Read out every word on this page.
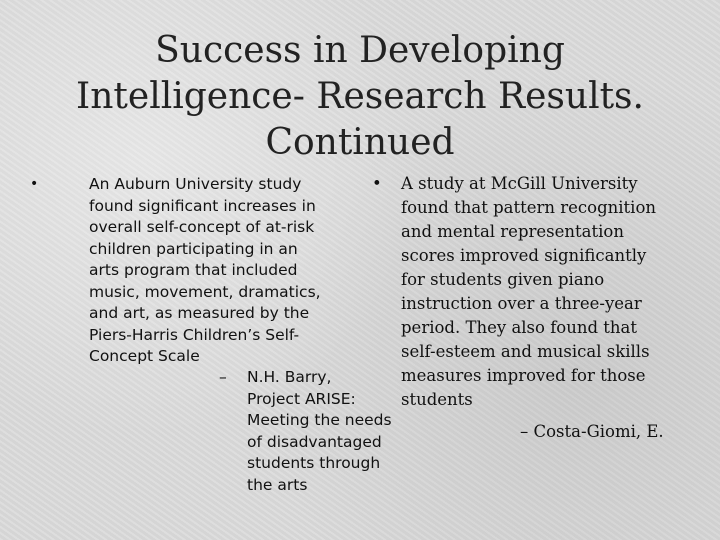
Success in Developing
Intelligence- Research Results.
Continued
•	An Auburn University study
found significant increases in
overall self-concept of at-risk
children participating in an
arts program that included
music, movement, dramatics,
and art, as measured by the
Piers-Harris Children’s Self-
Concept Scale
– N.H. Barry,
Project ARISE:
Meeting the needs
of disadvantaged
students through
the arts
• A study at McGill University
found that pattern recognition
and mental representation
scores improved significantly
for students given piano
instruction over a three-year
period. They also found that
self-esteem and musical skills
measures improved for those
students
– Costa-Giomi, E.
